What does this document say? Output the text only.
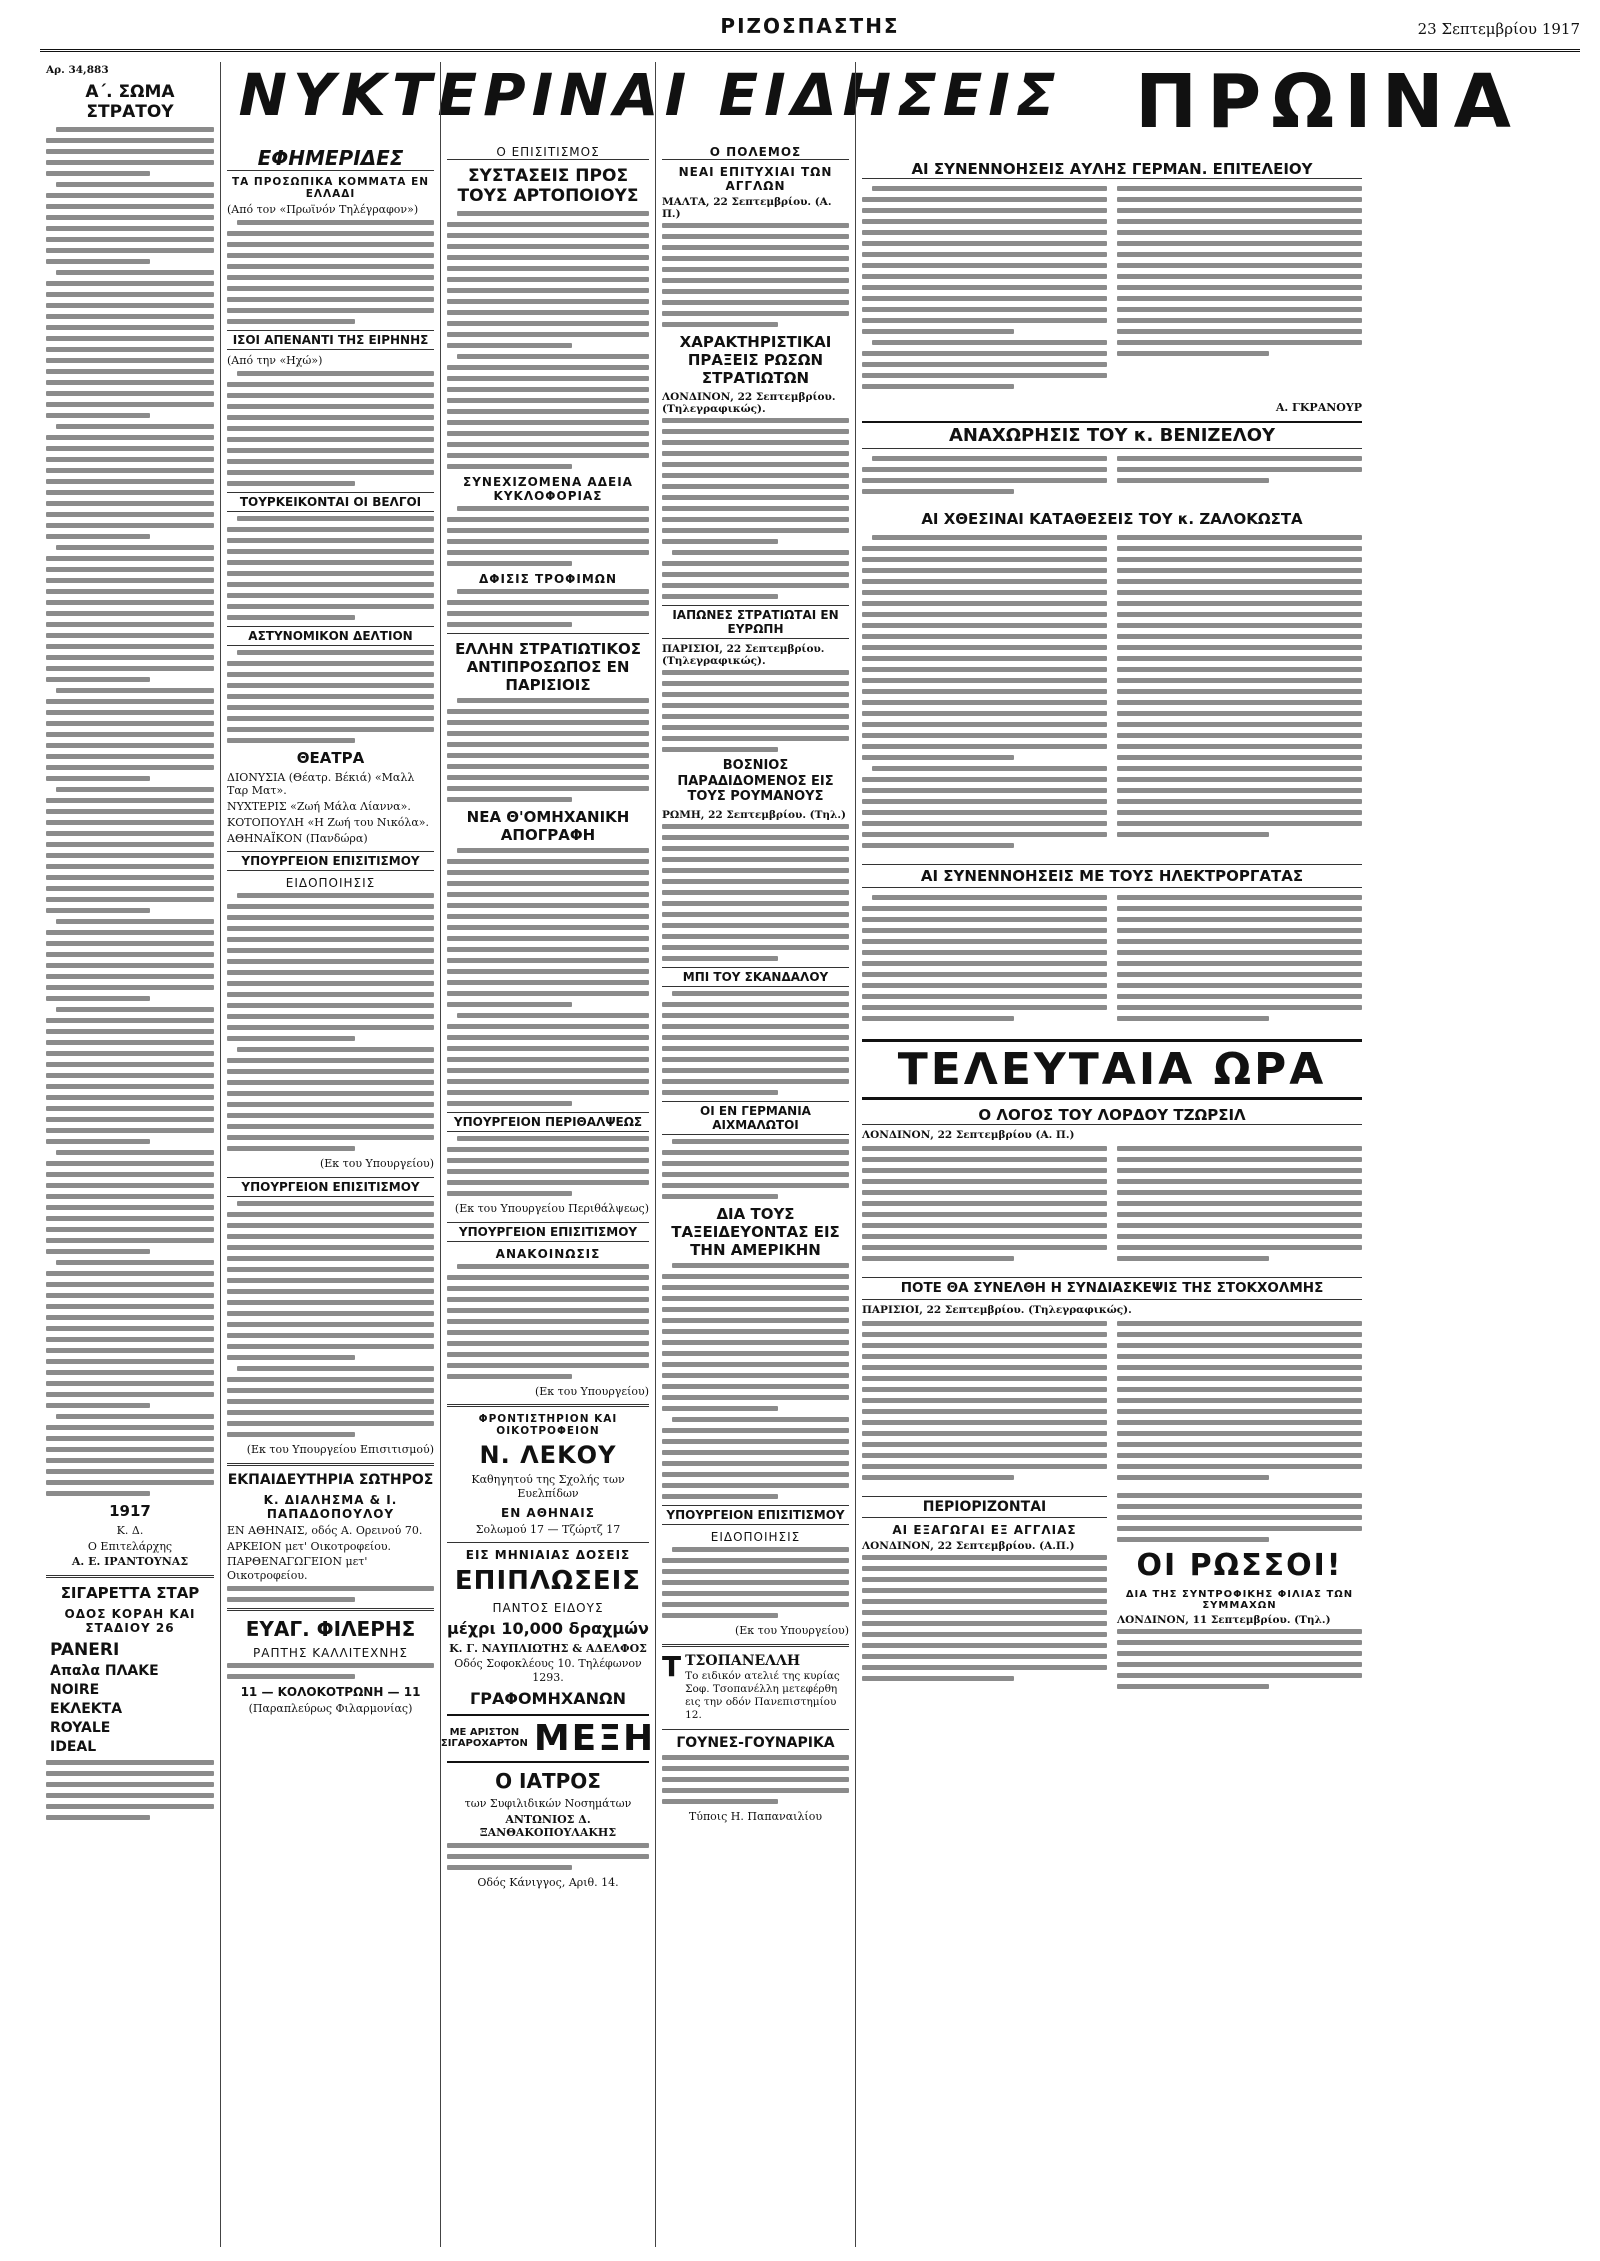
ΡΙΖΟΣΠΑΣΤΗΣ	23 Σεπτεμβρίου 1917
ΝΥΚΤΕΡΙΝΑΙ ΕΙΔΗΣΕΙΣ ΠΡΩΙΝΑ
Αρ. 34,883
Α΄. ΣΩΜΑ ΣΤΡΑΤΟΥ
1917
Κ. Δ.
Ο Επιτελάρχης
Α. Ε. ΙΡΑΝΤΟΥΝΑΣ
ΣΙΓΑΡΕΤΤΑ ΣΤΑΡ
ΟΔΟΣ ΚΟΡΑΗ ΚΑΙ ΣΤΑΔΙΟΥ 26
PANERI
Απαλα ΠΛΑΚΕ
NOIRE
EΚΛΕΚΤΑ
ROYALE
IDEAL
ΕΦΗΜΕΡΙΔΕΣ
ΤΑ ΠΡΟΣΩΠΙΚΑ ΚΟΜΜΑΤΑ ΕΝ ΕΛΛΑΔΙ
(Από τον «Πρωϊνόν Τηλέγραφον»)
ΙΣΟΙ ΑΠΕΝΑΝΤΙ ΤΗΣ ΕΙΡΗΝΗΣ
(Από την «Ηχώ»)
ΤΟΥΡΚΕΙΚΟΝΤΑΙ ΟΙ ΒΕΛΓΟΙ
ΑΣΤΥΝΟΜΙΚΟΝ ΔΕΛΤΙΟΝ
ΘΕΑΤΡΑ
ΔΙΟΝΥΣΙΑ (Θέατρ. Βέκιά) «Μαλλ Ταρ Ματ».
ΝΥΧΤΕΡΙΣ «Ζωή Μάλα Λίαννα».
ΚΟΤΟΠΟΥΛΗ «Η Ζωή του Νικόλα».
ΑΘΗΝΑΪΚΟΝ (Πανδώρα)
ΥΠΟΥΡΓΕΙΟΝ ΕΠΙΣΙΤΙΣΜΟΥ
ΕΙΔΟΠΟΙΗΣΙΣ
(Εκ του Υπουργείου)
ΥΠΟΥΡΓΕΙΟΝ ΕΠΙΣΙΤΙΣΜΟΥ
(Εκ του Υπουργείου Επισιτισμού)
ΕΚΠΑΙΔΕΥΤΗΡΙΑ ΣΩΤΗΡΟΣ
Κ. ΔΙΑΛΗΣΜΑ & Ι. ΠΑΠΑΔΟΠΟΥΛΟΥ
ΕΝ ΑΘΗΝΑΙΣ, οδός Α. Ορεινού 70.
ΑΡΚΕΙΟΝ μετ' Οικοτροφείου.
ΠΑΡΘΕΝΑΓΩΓΕΙΟΝ μετ' Οικοτροφείου.
ΕΥΑΓ. ΦΙΛΕΡΗΣ
ΡΑΠΤΗΣ ΚΑΛΛΙΤΕΧΝΗΣ
11 — ΚΟΛΟΚΟΤΡΩΝΗ — 11
(Παραπλεύρως Φιλαρμονίας)
Ο ΕΠΙΣΙΤΙΣΜΟΣ
ΣΥΣΤΑΣΕΙΣ ΠΡΟΣ ΤΟΥΣ ΑΡΤΟΠΟΙΟΥΣ
ΣΥΝΕΧΙΖΟΜΕΝΑ ΑΔΕΙΑ ΚΥΚΛΟΦΟΡΙΑΣ
ΔΦΙΣΙΣ ΤΡΟΦΙΜΩΝ
ΕΛΛΗΝ ΣΤΡΑΤΙΩΤΙΚΟΣ ΑΝΤΙΠΡΟΣΩΠΟΣ ΕΝ ΠΑΡΙΣΙΟΙΣ
ΝΕΑ Θ'ΟΜΗΧΑΝΙΚΗ ΑΠΟΓΡΑΦΗ
ΥΠΟΥΡΓΕΙΟΝ ΠΕΡΙΘΑΛΨΕΩΣ
(Εκ του Υπουργείου Περιθάλψεως)
ΥΠΟΥΡΓΕΙΟΝ ΕΠΙΣΙΤΙΣΜΟΥ
ΑΝΑΚΟΙΝΩΣΙΣ
(Εκ του Υπουργείου)
ΦΡΟΝΤΙΣΤΗΡΙΟΝ ΚΑΙ ΟΙΚΟΤΡΟΦΕΙΟΝ
Ν. ΛΕΚΟΥ
Καθηγητού της Σχολής των Ευελπίδων
ΕΝ ΑΘΗΝΑΙΣ
Σολωμού 17 — Τζώρτζ 17
ΕΙΣ ΜΗΝΙΑΙΑΣ ΔΟΣΕΙΣ
ΕΠΙΠΛΩΣΕΙΣ
ΠΑΝΤΟΣ ΕΙΔΟΥΣ
μέχρι 10,000 δραχμών
Κ. Γ. ΝΑΥΠΛΙΩΤΗΣ & ΑΔΕΛΦΟΣ
Οδός Σοφοκλέους 10. Τηλέφωνον 1293.
ΓΡΑΦΟΜΗΧΑΝΩΝ
ΜΕ ΑΡΙΣΤΟΝ
ΣΙΓΑΡΟΧΑΡΤΟΝ ΜΕΞΗ
Ο ΙΑΤΡΟΣ
των Συφιλιδικών Νοσημάτων
ΑΝΤΩΝΙΟΣ Δ. ΞΑΝΘΑΚΟΠΟΥΛΑΚΗΣ
Οδός Κάνιγγος, Αριθ. 14.
Ο ΠΟΛΕΜΟΣ
ΝΕΑΙ ΕΠΙΤΥΧΙΑΙ ΤΩΝ ΑΓΓΛΩΝ
ΜΑΛΤΑ, 22 Σεπτεμβρίου. (Α. Π.)
ΧΑΡΑΚΤΗΡΙΣΤΙΚΑΙ ΠΡΑΞΕΙΣ ΡΩΣΩΝ ΣΤΡΑΤΙΩΤΩΝ
ΛΟΝΔΙΝΟΝ, 22 Σεπτεμβρίου. (Τηλεγραφικώς).
ΙΑΠΩΝΕΣ ΣΤΡΑΤΙΩΤΑΙ ΕΝ ΕΥΡΩΠΗ
ΠΑΡΙΣΙΟΙ, 22 Σεπτεμβρίου. (Τηλεγραφικώς).
ΒΟΣΝΙΟΣ ΠΑΡΑΔΙΔΟΜΕΝΟΣ ΕΙΣ ΤΟΥΣ ΡΟΥΜΑΝΟΥΣ
ΡΩΜΗ, 22 Σεπτεμβρίου. (Τηλ.)
ΜΠΙ ΤΟΥ ΣΚΑΝΔΑΛΟΥ
ΟΙ ΕΝ ΓΕΡΜΑΝΙΑ ΑΙΧΜΑΛΩΤΟΙ
ΔΙΑ ΤΟΥΣ ΤΑΞΕΙΔΕΥΟΝΤΑΣ ΕΙΣ ΤΗΝ ΑΜΕΡΙΚΗΝ
ΥΠΟΥΡΓΕΙΟΝ ΕΠΙΣΙΤΙΣΜΟΥ
ΕΙΔΟΠΟΙΗΣΙΣ
(Εκ του Υπουργείου)
T ΤΣΟΠΑΝΕΛΛΗ
Το ειδικόν ατελιέ της κυρίας Σοφ. Τσοπανέλλη μετεφέρθη εις την οδόν Πανεπιστημίου 12.
ΓΟΥΝΕΣ-ΓΟΥΝΑΡΙΚΑ
Τύποις Η. Παπαναιλίου
ΑΙ ΣΥΝΕΝΝΟΗΣΕΙΣ ΑΥΛΗΣ ΓΕΡΜΑΝ. ΕΠΙΤΕΛΕΙΟΥ
Α. ΓΚΡΑΝΟΥΡ
ΑΝΑΧΩΡΗΣΙΣ ΤΟΥ κ. ΒΕΝΙΖΕΛΟΥ
ΑΙ ΧΘΕΣΙΝΑΙ ΚΑΤΑΘΕΣΕΙΣ ΤΟΥ κ. ΖΑΛΟΚΩΣΤΑ
ΑΙ ΣΥΝΕΝΝΟΗΣΕΙΣ ΜΕ ΤΟΥΣ ΗΛΕΚΤΡΟΡΓΑΤΑΣ
ΤΕΛΕΥΤΑΙΑ ΩΡΑ
Ο ΛΟΓΟΣ ΤΟΥ ΛΟΡΔΟΥ ΤΖΩΡΣΙΛ
ΛΟΝΔΙΝΟΝ, 22 Σεπτεμβρίου (Α. Π.)
ΠΟΤΕ ΘΑ ΣΥΝΕΛΘΗ Η ΣΥΝΔΙΑΣΚΕΨΙΣ ΤΗΣ ΣΤΟΚΧΟΛΜΗΣ
ΠΑΡΙΣΙΟΙ, 22 Σεπτεμβρίου. (Τηλεγραφικώς).
ΠΕΡΙΟΡΙΖΟΝΤΑΙ
ΑΙ ΕΞΑΓΩΓΑΙ ΕΞ ΑΓΓΛΙΑΣ
ΛΟΝΔΙΝΟΝ, 22 Σεπτεμβρίου. (Α.Π.)
ΟΙ ΡΩΣΣΟΙ!
ΔΙΑ ΤΗΣ ΣΥΝΤΡΟΦΙΚΗΣ ΦΙΛΙΑΣ ΤΩΝ ΣΥΜΜΑΧΩΝ
ΛΟΝΔΙΝΟΝ, 11 Σεπτεμβρίου. (Τηλ.)
